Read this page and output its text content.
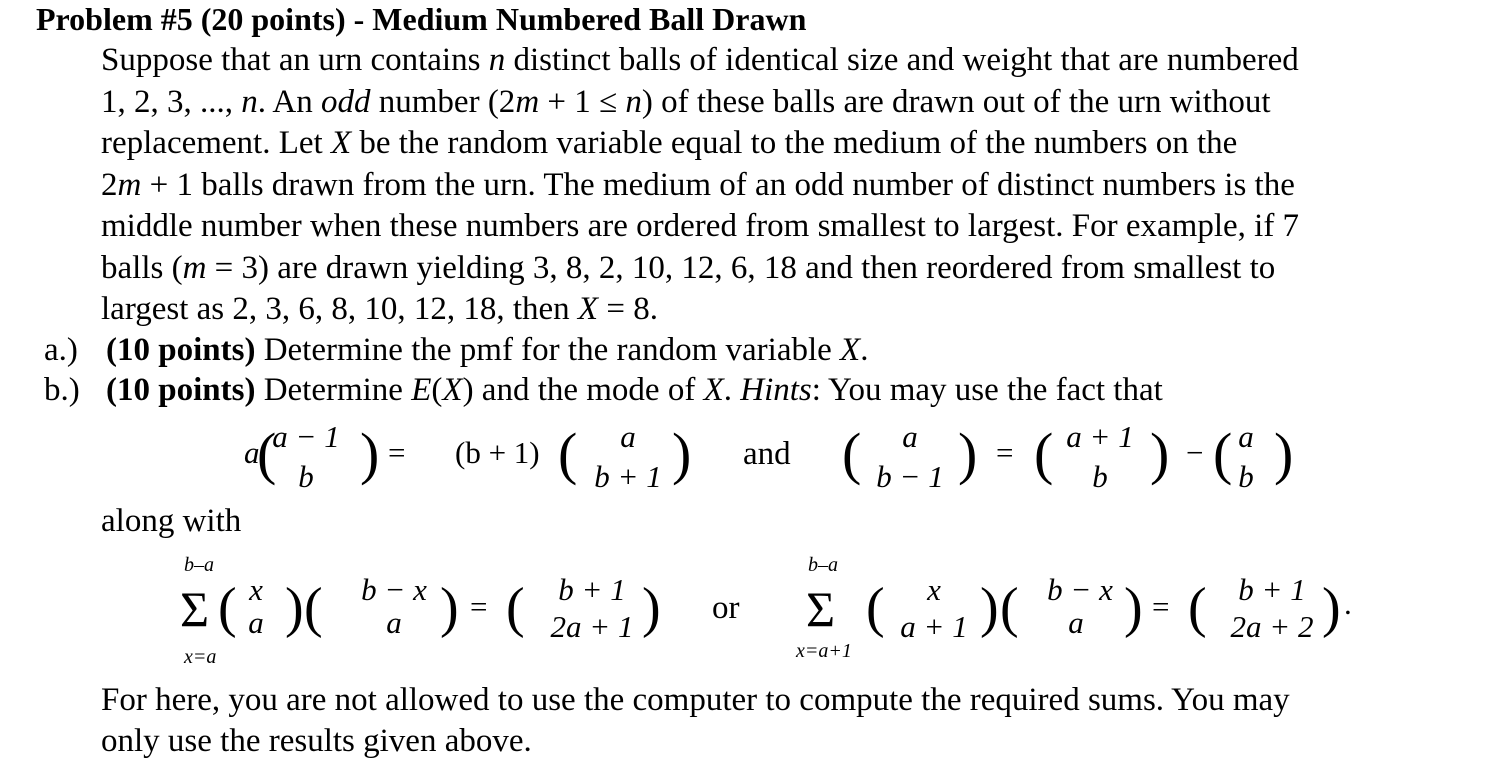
Problem #5 (20 points) - Medium Numbered Ball Drawn
Suppose that an urn contains n distinct balls of identical size and weight that are numbered
1, 2, 3, ..., n. An odd number (2m + 1 ≤ n) of these balls are drawn out of the urn without
replacement. Let X be the random variable equal to the medium of the numbers on the
2m + 1 balls drawn from the urn. The medium of an odd number of distinct numbers is the
middle number when these numbers are ordered from smallest to largest. For example, if 7
balls (m = 3) are drawn yielding 3, 8, 2, 10, 12, 6, 18 and then reordered from smallest to
largest as 2, 3, 6, 8, 10, 12, 18, then X = 8.
a.) (10 points) Determine the pmf for the random variable X.
b.) (10 points) Determine E(X) and the mode of X. Hints: You may use the fact that
a
(
a − 1
b ) = (b + 1) ( a
b + 1 ) and ( a
b − 1 ) = ( a + 1
b ) − ( a
b )
along with
b–a
Σ
x=a
( x
a ) ( b − x
a ) = ( b + 1
2a + 1 ) or
b–a
Σ
x=a+1
( x
a + 1 ) ( b − x
a ) = ( b + 1
2a + 2 ) .
For here, you are not allowed to use the computer to compute the required sums. You may
only use the results given above.
